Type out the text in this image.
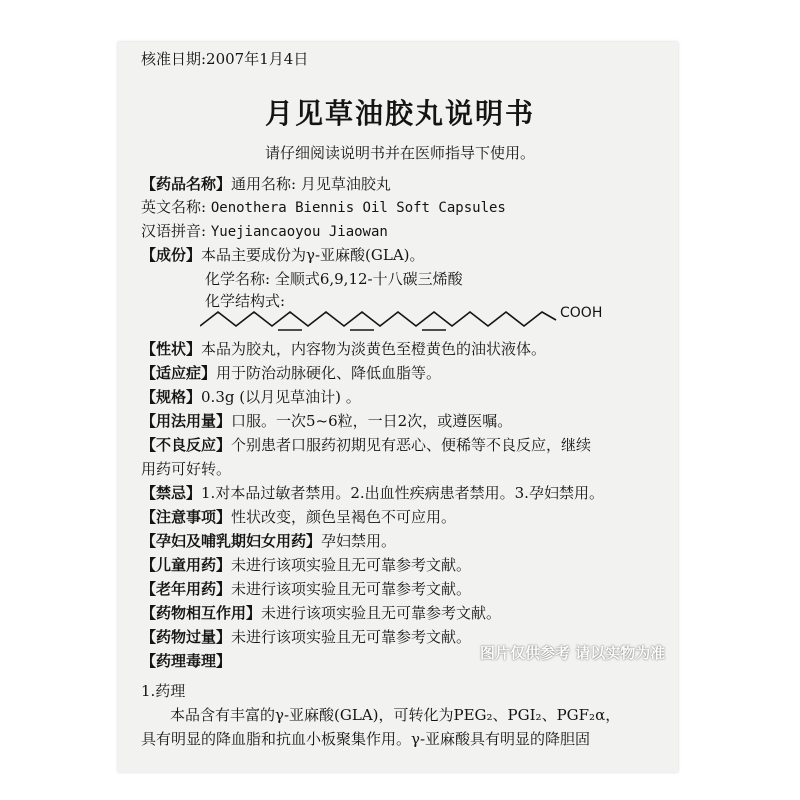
核准日期:2007年1月4日
月见草油胶丸说明书
请仔细阅读说明书并在医师指导下使用。
【药品名称】通用名称: 月见草油胶丸
英文名称: Oenothera Biennis Oil Soft Capsules
汉语拼音: Yuejiancaoyou Jiaowan
【成份】本品主要成份为γ-亚麻酸(GLA)。
化学名称: 全顺式6,9,12-十八碳三烯酸
化学结构式:
COOH
【性状】本品为胶丸，内容物为淡黄色至橙黄色的油状液体。
【适应症】用于防治动脉硬化、降低血脂等。
【规格】0.3g (以月见草油计) 。
【用法用量】口服。一次5~6粒，一日2次，或遵医嘱。
【不良反应】个别患者口服药初期见有恶心、便稀等不良反应，继续
用药可好转。
【禁忌】1.对本品过敏者禁用。2.出血性疾病患者禁用。3.孕妇禁用。
【注意事项】性状改变，颜色呈褐色不可应用。
【孕妇及哺乳期妇女用药】孕妇禁用。
【儿童用药】未进行该项实验且无可靠参考文献。
【老年用药】未进行该项实验且无可靠参考文献。
【药物相互作用】未进行该项实验且无可靠参考文献。
【药物过量】未进行该项实验且无可靠参考文献。
【药理毒理】
1.药理
本品含有丰富的γ-亚麻酸(GLA)，可转化为PEG₂、PGI₂、PGF₂α，
具有明显的降血脂和抗血小板聚集作用。γ-亚麻酸具有明显的降胆固
图片仅供参考 请以实物为准
